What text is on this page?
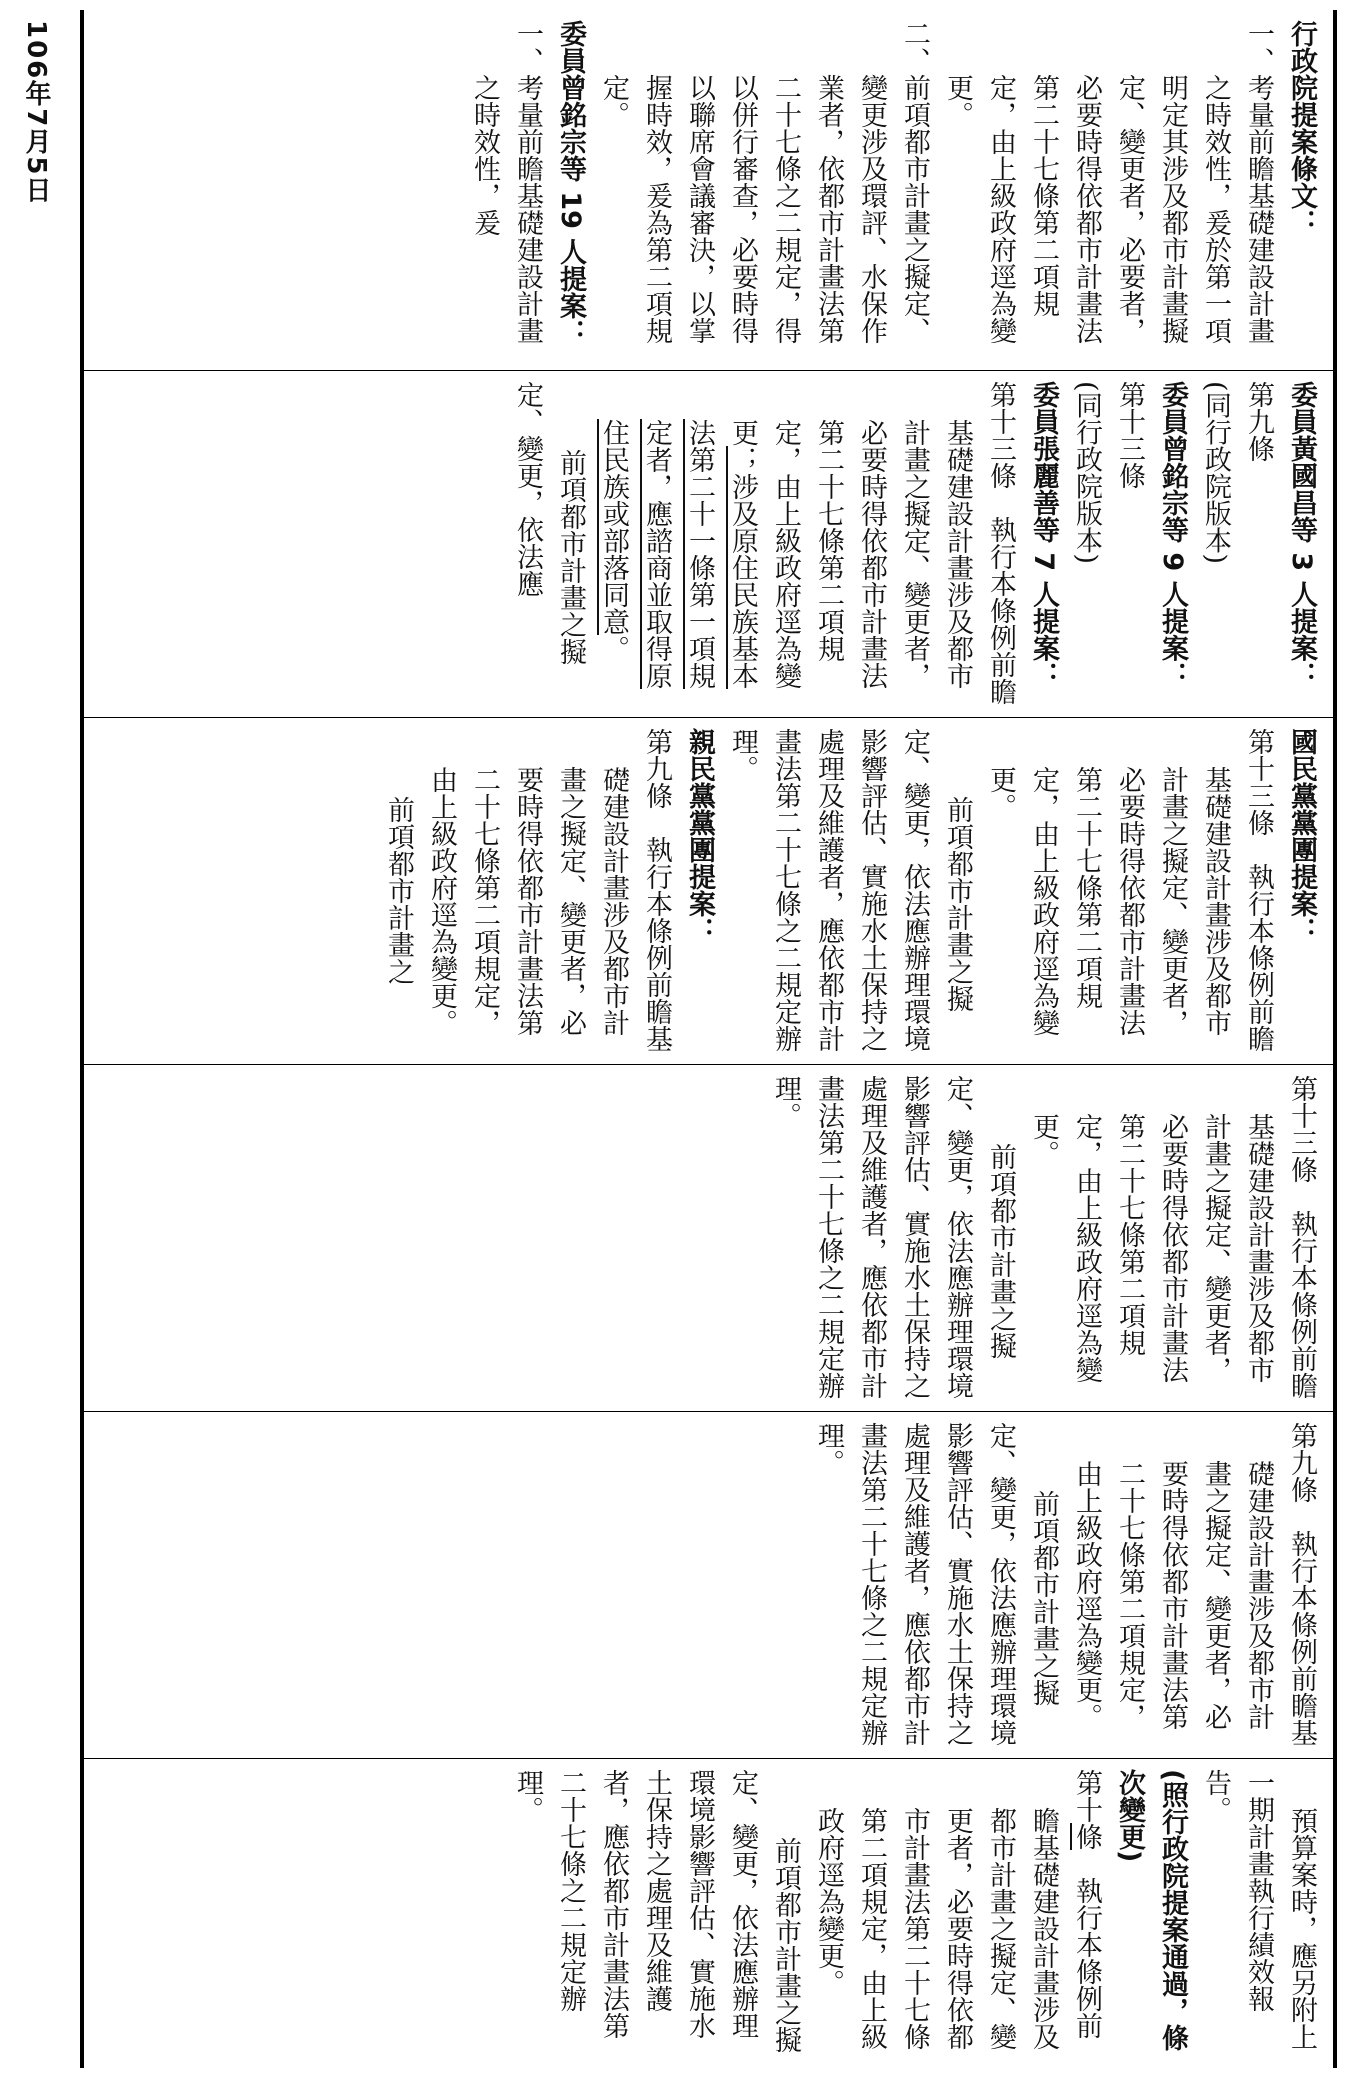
106年7月5日	行政院提案條文：

一、考量前瞻基礎建設計畫之時效性，爰於第一項明定其涉及都市計畫擬定、變更者，必要者，必要時得依都市計畫法第二十七條第二項規定，由上級政府逕為變更。

二、前項都市計畫之擬定、變更涉及環評、水保作業者，依都市計畫法第二十七條之二規定，得以併行審查，必要時得以聯席會議審決，以掌握時效，爰為第二項規定。

委員曾銘宗等 19 人提案：

一、考量前瞻基礎建設計畫之時效性，爰

委員黃國昌等 3 人提案：

第九條

(同行政院版本)

委員曾銘宗等 9 人提案：

第十三條

(同行政院版本)

委員張麗善等 7 人提案：

第十三條　執行本條例前瞻基礎建設計畫涉及都市計畫之擬定、變更者，必要時得依都市計畫法第二十七條第二項規定，由上級政府逕為變更；涉及原住民族基本法第二十一條第一項規定者，應諮商並取得原住民族或部落同意。

前項都市計畫之擬定、變更，依法應

國民黨黨團提案：

第十三條　執行本條例前瞻基礎建設計畫涉及都市計畫之擬定、變更者，必要時得依都市計畫法第二十七條第二項規定，由上級政府逕為變更。

前項都市計畫之擬定、變更，依法應辦理環境影響評估、實施水土保持之處理及維護者，應依都市計畫法第二十七條之二規定辦理。

親民黨黨團提案：

第九條　執行本條例前瞻基礎建設計畫涉及都市計畫之擬定、變更者，必要時得依都市計畫法第二十七條第二項規定，由上級政府逕為變更。

前項都市計畫之

第十三條　執行本條例前瞻基礎建設計畫涉及都市計畫之擬定、變更者，必要時得依都市計畫法第二十七條第二項規定，由上級政府逕為變更。

前項都市計畫之擬定、變更，依法應辦理環境影響評估、實施水土保持之處理及維護者，應依都市計畫法第二十七條之二規定辦理。

第九條　執行本條例前瞻基礎建設計畫涉及都市計畫之擬定、變更者，必要時得依都市計畫法第二十七條第二項規定，由上級政府逕為變更。

前項都市計畫之擬定、變更，依法應辦理環境影響評估、實施水土保持之處理及維護者，應依都市計畫法第二十七條之二規定辦理。

預算案時，應另附上一期計畫執行績效報告。

(照行政院提案通過，條次變更)

第十條　執行本條例前瞻基礎建設計畫涉及都市計畫之擬定、變更者，必要時得依都市計畫法第二十七條第二項規定，由上級政府逕為變更。

前項都市計畫之擬定、變更，依法應辦理環境影響評估、實施水土保持之處理及維護者，應依都市計畫法第二十七條之二規定辦理。
